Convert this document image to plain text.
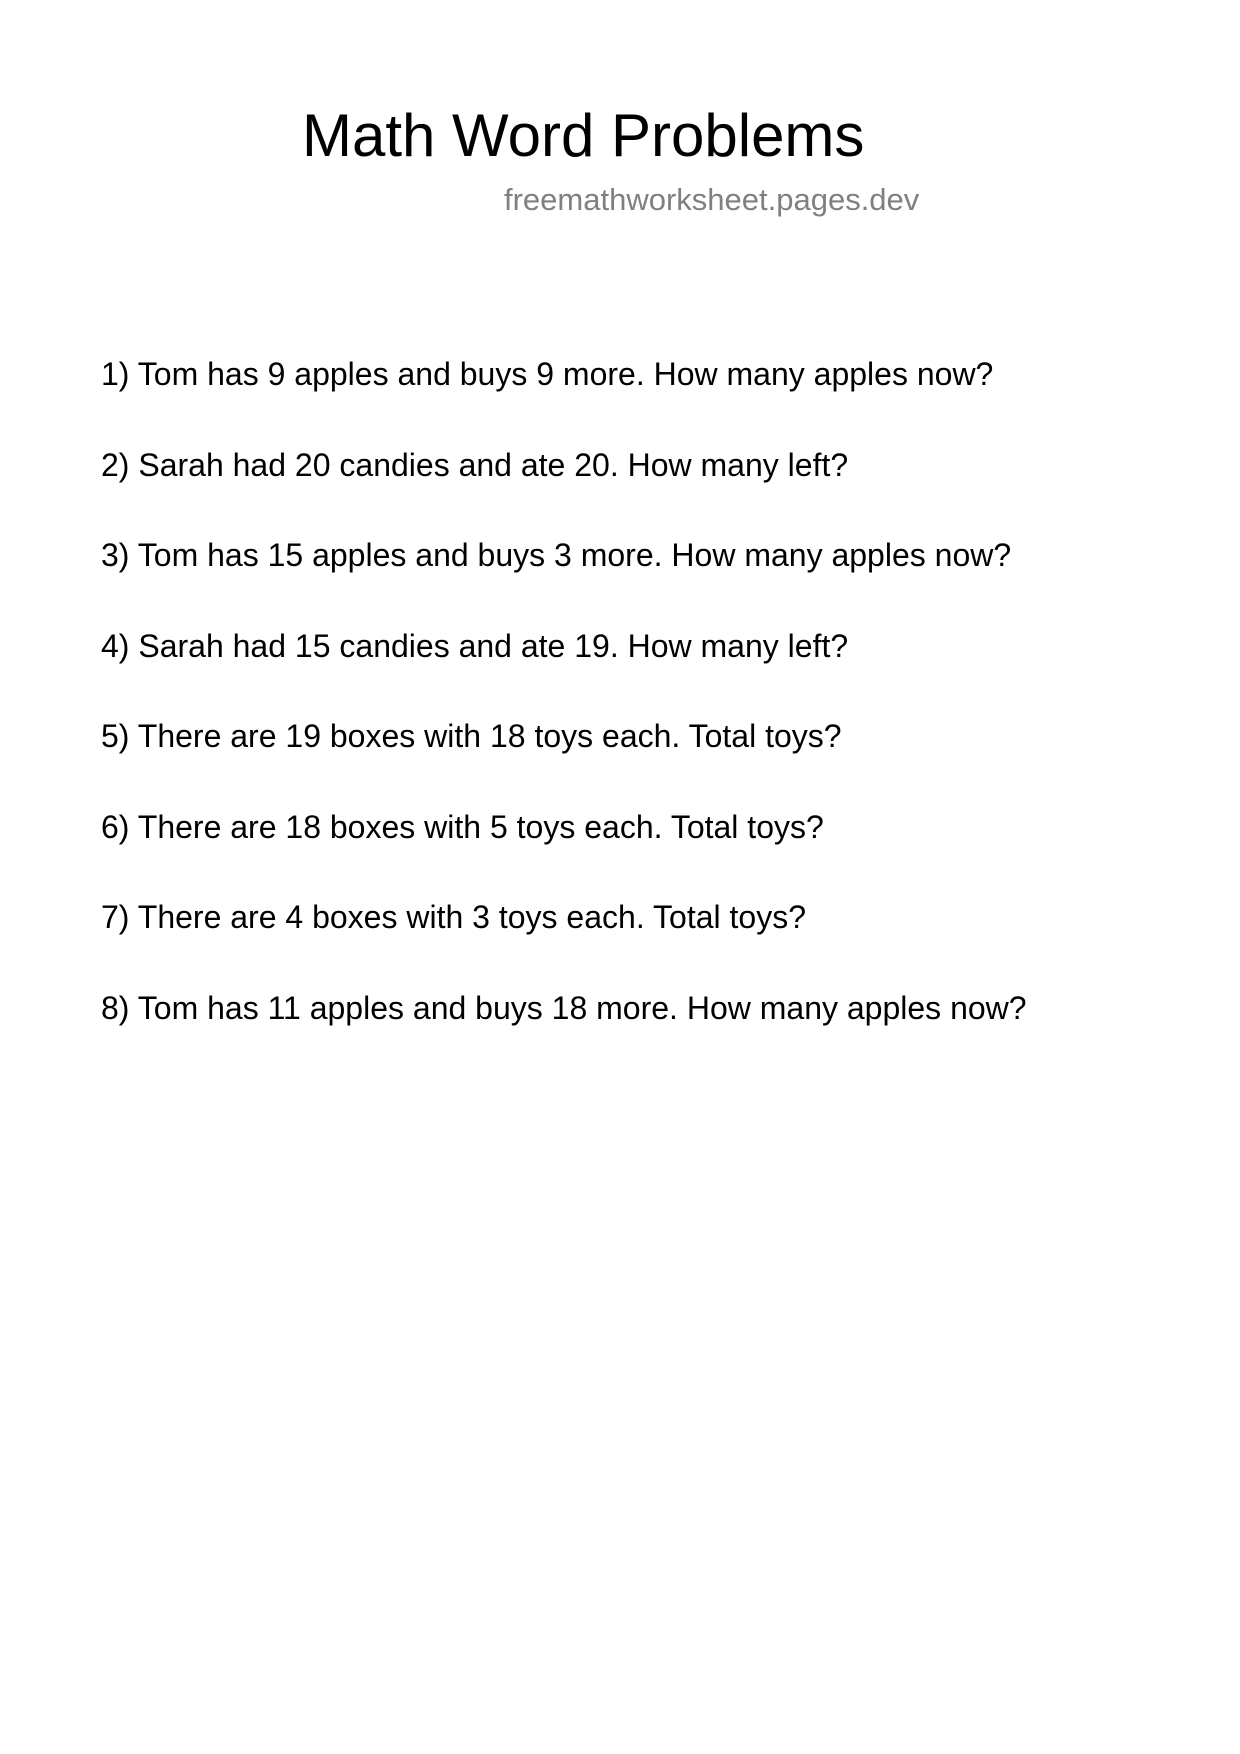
Math Word Problems
freemathworksheet.pages.dev
1) Tom has 9 apples and buys 9 more. How many apples now?
2) Sarah had 20 candies and ate 20. How many left?
3) Tom has 15 apples and buys 3 more. How many apples now?
4) Sarah had 15 candies and ate 19. How many left?
5) There are 19 boxes with 18 toys each. Total toys?
6) There are 18 boxes with 5 toys each. Total toys?
7) There are 4 boxes with 3 toys each. Total toys?
8) Tom has 11 apples and buys 18 more. How many apples now?
